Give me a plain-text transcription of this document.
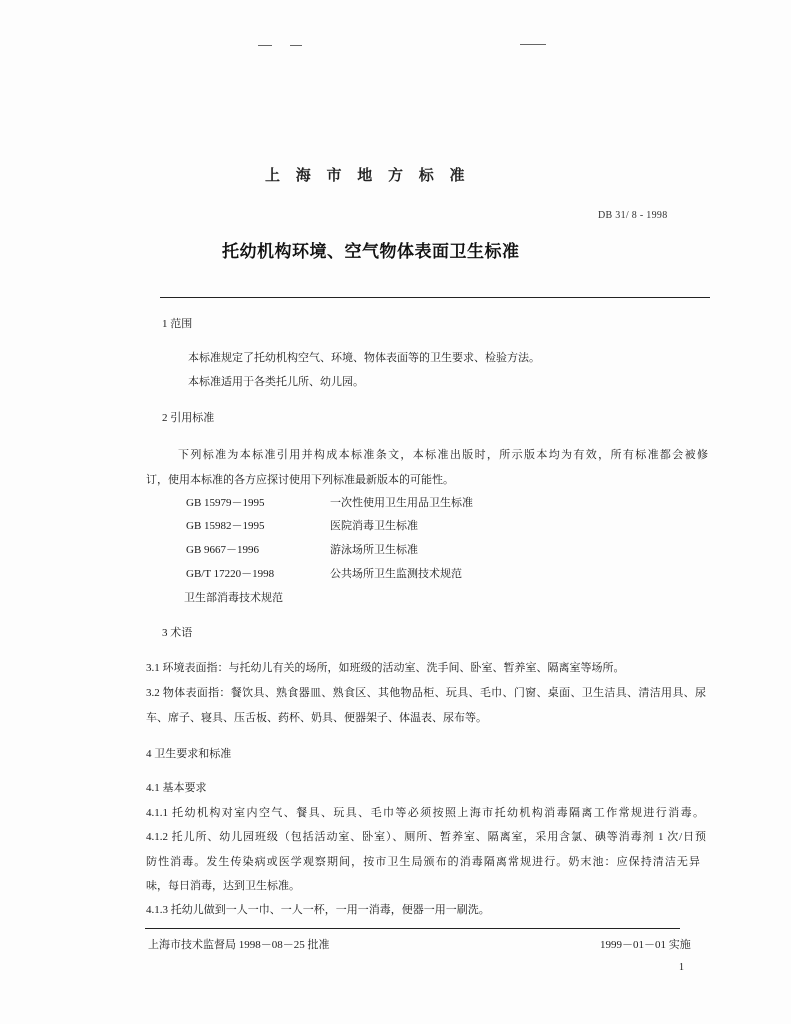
上 海 市 地 方 标 准
DB 31/ 8 - 1998
托幼机构环境、空气物体表面卫生标准
1 范围
本标准规定了托幼机构空气、环境、物体表面等的卫生要求、检验方法。
本标准适用于各类托儿所、幼儿园。
2 引用标准
下列标准为本标准引用并构成本标准条文，本标准出版时，所示版本均为有效，所有标准都会被修
订，使用本标准的各方应探讨使用下列标准最新版本的可能性。
GB 15979－1995	一次性使用卫生用品卫生标准
GB 15982－1995	医院消毒卫生标准
GB 9667－1996	游泳场所卫生标准
GB/T 17220－1998	公共场所卫生监测技术规范
卫生部消毒技术规范
3 术语
3.1 环境表面指：与托幼儿有关的场所，如班级的活动室、洗手间、卧室、暂养室、隔离室等场所。
3.2 物体表面指：餐饮具、熟食器皿、熟食区、其他物品柜、玩具、毛巾、门窗、桌面、卫生洁具、清洁用具、尿
车、席子、寝具、压舌板、药杯、奶具、便器架子、体温表、尿布等。
4 卫生要求和标准
4.1 基本要求
4.1.1 托幼机构对室内空气、餐具、玩具、毛巾等必须按照上海市托幼机构消毒隔离工作常规进行消毒。
4.1.2 托儿所、幼儿园班级（包括活动室、卧室）、厕所、暂养室、隔离室，采用含氯、碘等消毒剂 1 次/日预
防性消毒。发生传染病或医学观察期间，按市卫生局颁布的消毒隔离常规进行。奶末池：应保持清洁无异
味，每日消毒，达到卫生标准。
4.1.3 托幼儿做到一人一巾、一人一杯，一用一消毒，便器一用一刷洗。
上海市技术监督局 1998－08－25 批准	1999－01－01 实施
1
